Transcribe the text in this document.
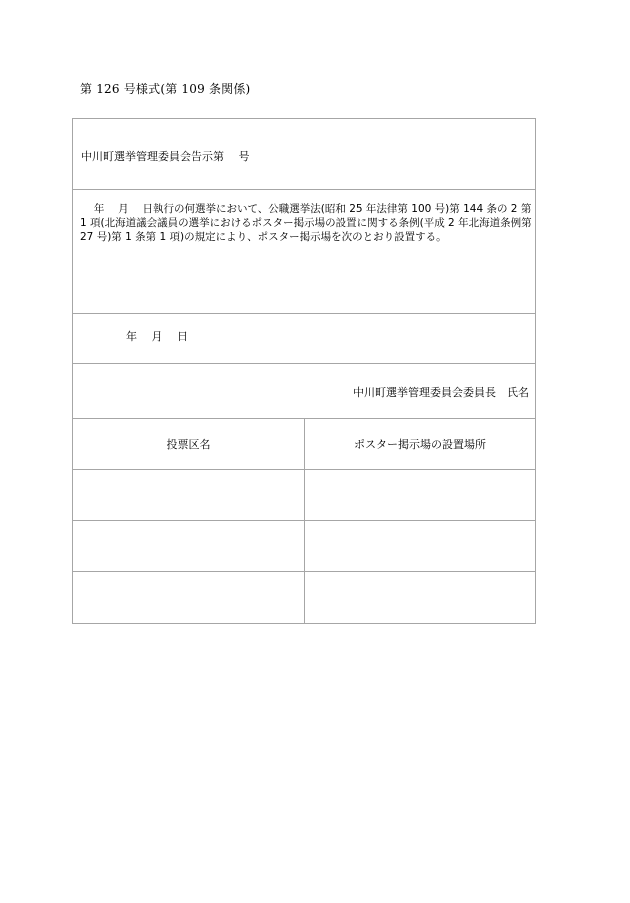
第 126 号様式(第 109 条関係)
中川町選挙管理委員会告示第　 号

　 年　 月　 日執行の何選挙において、公職選挙法(昭和 25 年法律第 100 号)第 144 条の 2 第 1 項(北海道議会議員の選挙におけるポスター掲示場の設置に関する条例(平成 2 年北海道条例第 27 号)第 1 条第 1 項)の規定により、ポスター掲示場を次のとおり設置する。

年　 月　 日
中川町選挙管理委員会委員長　氏名
投票区名	ポスター掲示場の設置場所
